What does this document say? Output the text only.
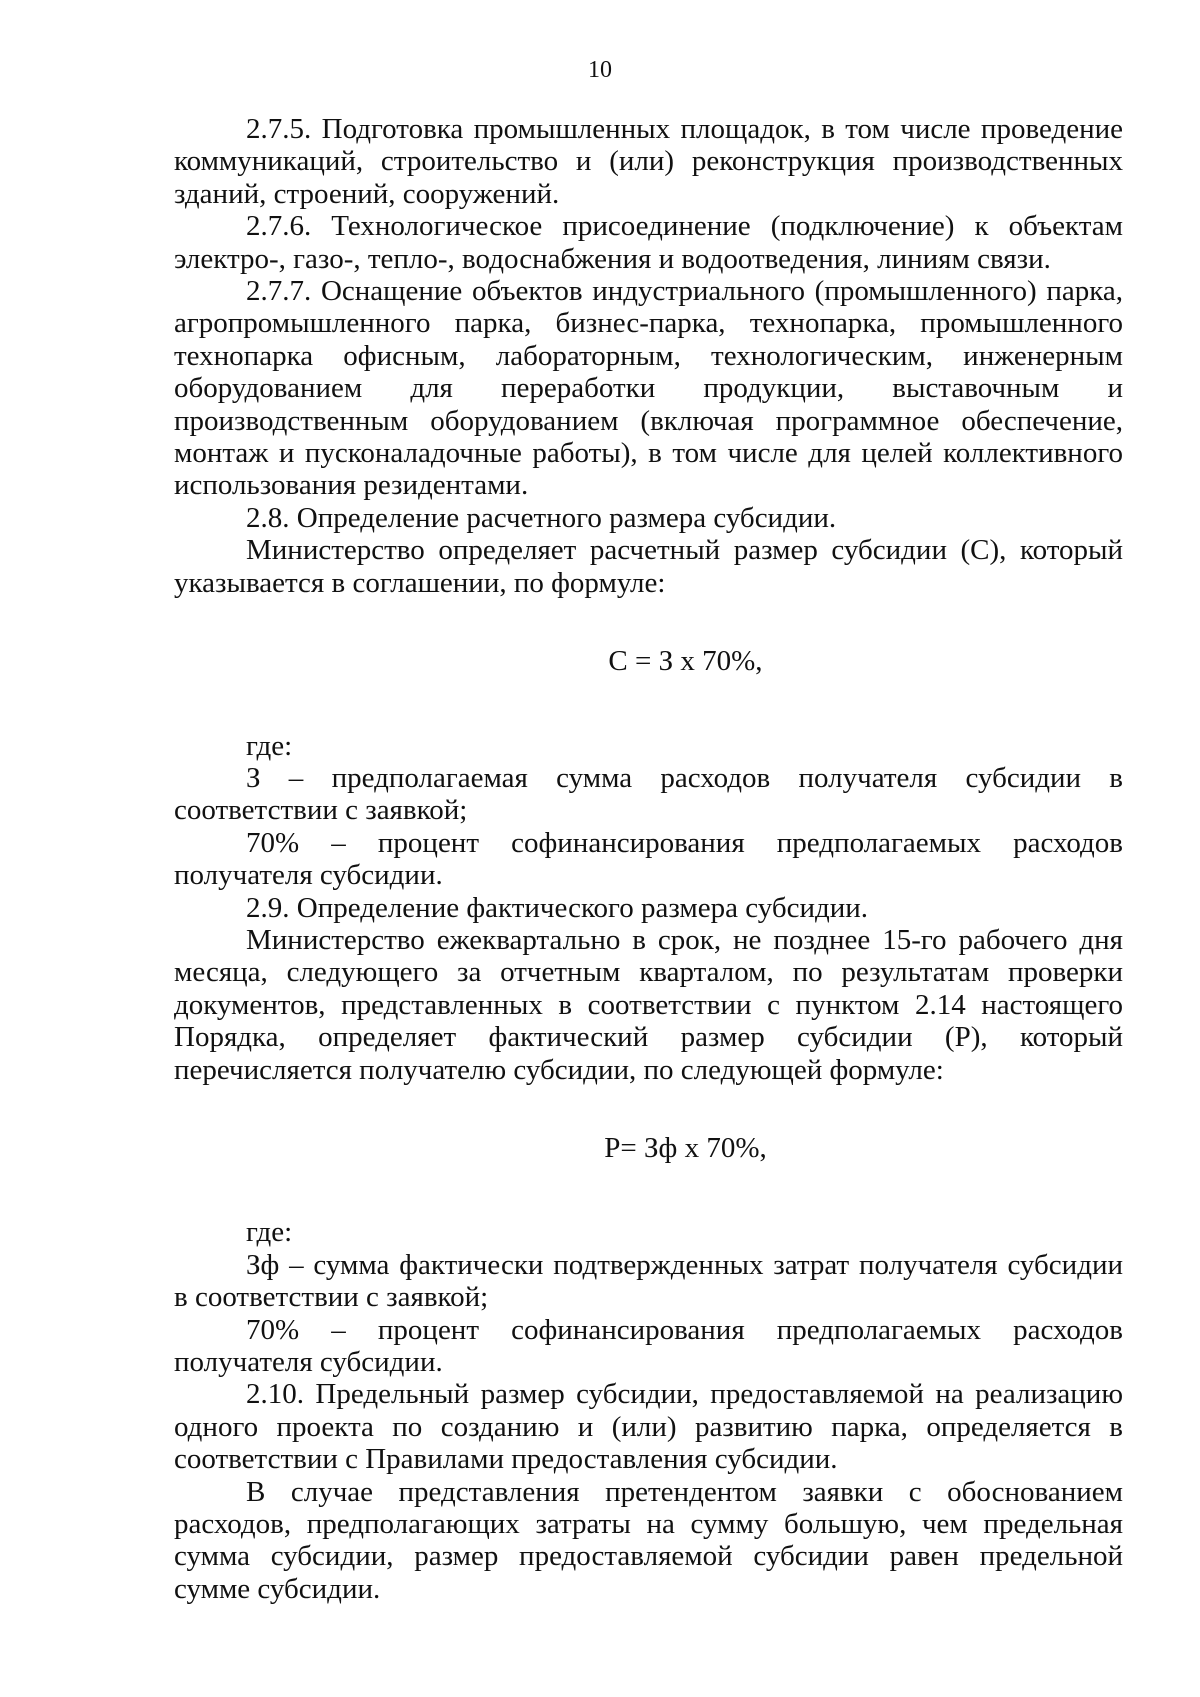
10

2.7.5. Подготовка промышленных площадок, в том числе проведение коммуникаций, строительство и (или) реконструкция производственных зданий, строений, сооружений.

2.7.6. Технологическое присоединение (подключение) к объектам электро-, газо-, тепло-, водоснабжения и водоотведения, линиям связи.

2.7.7. Оснащение объектов индустриального (промышленного) парка, агропромышленного парка, бизнес-парка, технопарка, промышленного технопарка офисным, лабораторным, технологическим, инженерным оборудованием для переработки продукции, выставочным и производственным оборудованием (включая программное обеспечение, монтаж и пусконаладочные работы), в том числе для целей коллективного использования резидентами.

2.8. Определение расчетного размера субсидии.

Министерство определяет расчетный размер субсидии (С), который указывается в соглашении, по формуле:

С = З х 70%,

где:

З – предполагаемая сумма расходов получателя субсидии в соответствии с заявкой;

70% – процент софинансирования предполагаемых расходов получателя субсидии.

2.9. Определение фактического размера субсидии.

Министерство ежеквартально в срок, не позднее 15-го рабочего дня месяца, следующего за отчетным кварталом, по результатам проверки документов, представленных в соответствии с пунктом 2.14 настоящего Порядка, определяет фактический размер субсидии (Р), который перечисляется получателю субсидии, по следующей формуле:

Р= Зф х 70%,

где:

Зф – сумма фактически подтвержденных затрат получателя субсидии в соответствии с заявкой;

70% – процент софинансирования предполагаемых расходов получателя субсидии.

2.10. Предельный размер субсидии, предоставляемой на реализацию одного проекта по созданию и (или) развитию парка, определяется в соответствии с Правилами предоставления субсидии.

В случае представления претендентом заявки с обоснованием расходов, предполагающих затраты на сумму большую, чем предельная сумма субсидии, размер предоставляемой субсидии равен предельной сумме субсидии.
